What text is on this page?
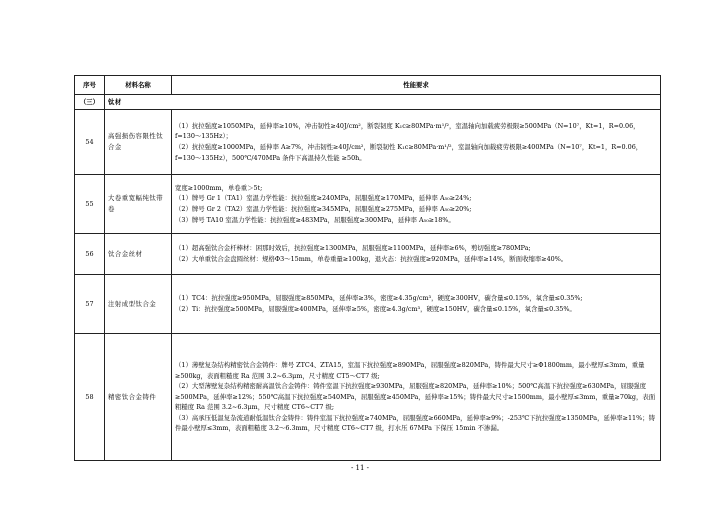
序号	材料名称	性能要求
（三）	钛材	
54	高强损伤容限性钛合金	（1）抗拉强度≥1050MPa，延伸率≥10%，冲击韧性≥40J/cm²，断裂韧度 K₁c≥80MPa·m¹/²，室温轴向加载疲劳极限≥500MPa（N=10⁷，Kt=1，R=0.06，f=130～135Hz）；

（2）抗拉强度≥1000MPa，延伸率 A≥7%，冲击韧性≥40J/cm²，断裂韧性 K₁c≥80MPa·m¹/²，室温轴向加载疲劳极限≥400MPa（N=10⁷，Kt=1，R=0.06，f=130～135Hz），500℃/470MPa 条件下高温持久性能 ≥50h。

55	大卷重宽幅纯钛带卷	宽度≥1000mm，单卷重＞5t;

（1）牌号 Gr 1（TA1）室温力学性能：抗拉强度≥240MPa，屈服强度≥170MPa，延伸率 A₅₀≥24%;

（2）牌号 Gr 2（TA2）室温力学性能：抗拉强度≥345MPa，屈服强度≥275MPa，延伸率 A₅₀≥20%;

（3）牌号 TA10 室温力学性能：抗拉强度≥483MPa，屈服强度≥300MPa，延伸率 A₅₀≥18%。

56	钛合金丝材	（1）超高强钛合金杆棒材：困那时效后，抗拉强度≥1300MPa，屈服强度≥1100MPa，延伸率≥6%，剪切强度≥780MPa;

（2）大单重钛合金盘圆丝材：规格Φ3～15mm，单卷重量≥100kg，退火态：抗拉强度≥920MPa，延伸率≥14%，断面收缩率≥40%。

57	注射成型钛合金	（1）TC4：抗拉强度≥950MPa，屈服强度≥850MPa，延伸率≥3%，密度≥4.35g/cm³，硬度≥300HV，碳含量≤0.15%，氧含量≤0.35%;

（2）Ti：抗拉强度≥500MPa，屈服强度≥400MPa，延伸率≥5%，密度≥4.3g/cm³，硬度≥150HV，碳含量≤0.15%，氧含量≤0.35%。

58	精密钛合金铸件	（1）薄壁复杂结构精密钛合金铸件：牌号 ZTC4、ZTA15，室温下抗拉强度≥890MPa，屈服强度≥820MPa，铸件最大尺寸≥Φ1800mm，最小壁厚≤3mm，重量≥500kg，表面粗糙度 Ra 范围 3.2~6.3μm，尺寸精度 CT5～CT7 级;

（2）大型薄壁复杂结构精密耐高温钛合金铸件：铸件室温下抗拉强度≥930MPa，屈服强度≥820MPa，延伸率≥10%；500℃高温下抗拉强度≥630MPa，屈服强度≥500MPa，延伸率≥12%；550℃高温下抗拉强度≥540MPa，屈服强度≥450MPa，延伸率≥15%；铸件最大尺寸≥1500mm，最小壁厚≤3mm，重量≥70kg，表面粗糙度 Ra 范围 3.2~6.3μm，尺寸精度 CT6~CT7 级;

（3）高承压低温复杂流道耐低温钛合金铸件：铸件室温下抗拉强度≥740MPa，屈服强度≥660MPa，延伸率≥9%；-253℃下抗拉强度≥1350MPa，延伸率≥11%；铸件最小壁厚≤3mm，表面粗糙度 3.2～6.3mm，尺寸精度 CT6~CT7 级，打水压 67MPa 下保压 15min 不渗漏。

- 11 -
